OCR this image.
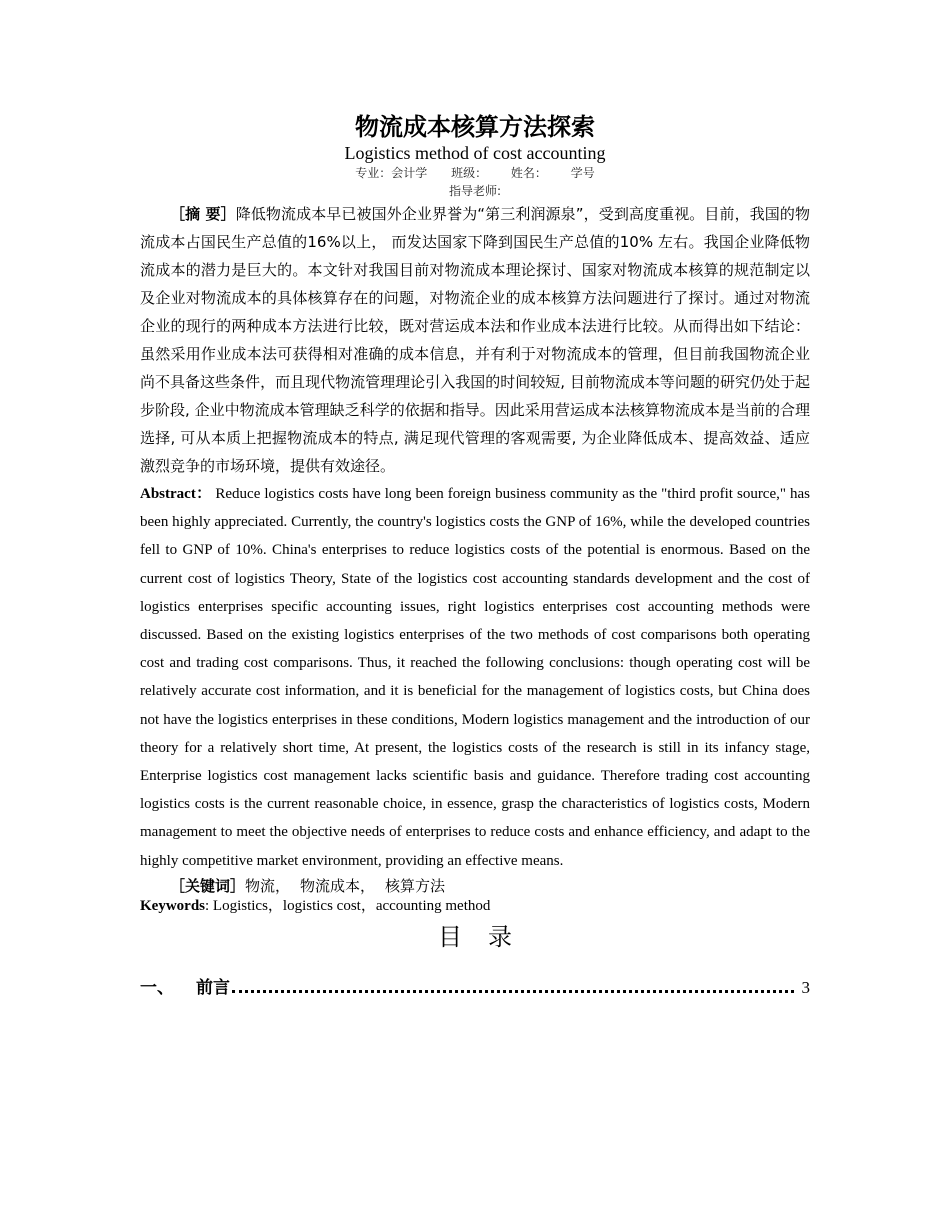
物流成本核算方法探索
Logistics method of cost accounting
专业：会计学 班级： 姓名： 学号
指导老师:
［摘 要］降低物流成本早已被国外企业界誉为“第三利润源泉”，受到高度重视。目前，我国的物流成本占国民生产总值的16%以上， 而发达国家下降到国民生产总值的10% 左右。我国企业降低物流成本的潜力是巨大的。本文针对我国目前对物流成本理论探讨、国家对物流成本核算的规范制定以及企业对物流成本的具体核算存在的问题，对物流企业的成本核算方法问题进行了探讨。通过对物流企业的现行的两种成本方法进行比较，既对营运成本法和作业成本法进行比较。从而得出如下结论：虽然采用作业成本法可获得相对准确的成本信息，并有利于对物流成本的管理，但目前我国物流企业尚不具备这些条件，而且现代物流管理理论引入我国的时间较短, 目前物流成本等问题的研究仍处于起步阶段, 企业中物流成本管理缺乏科学的依据和指导。因此采用营运成本法核算物流成本是当前的合理选择, 可从本质上把握物流成本的特点, 满足现代管理的客观需要, 为企业降低成本、提高效益、适应激烈竞争的市场环境，提供有效途径。
Abstract： Reduce logistics costs have long been foreign business community as the "third profit source," has been highly appreciated. Currently, the country's logistics costs the GNP of 16%, while the developed countries fell to GNP of 10%. China's enterprises to reduce logistics costs of the potential is enormous. Based on the current cost of logistics Theory, State of the logistics cost accounting standards development and the cost of logistics enterprises specific accounting issues, right logistics enterprises cost accounting methods were discussed. Based on the existing logistics enterprises of the two methods of cost comparisons both operating cost and trading cost comparisons. Thus, it reached the following conclusions: though operating cost will be relatively accurate cost information, and it is beneficial for the management of logistics costs, but China does not have the logistics enterprises in these conditions, Modern logistics management and the introduction of our theory for a relatively short time, At present, the logistics costs of the research is still in its infancy stage, Enterprise logistics cost management lacks scientific basis and guidance. Therefore trading cost accounting logistics costs is the current reasonable choice, in essence, grasp the characteristics of logistics costs, Modern management to meet the objective needs of enterprises to reduce costs and enhance efficiency, and adapt to the highly competitive market environment, providing an effective means.
［关键词］物流， 物流成本， 核算方法
Keywords: Logistics，logistics cost，accounting method
目录
一、	前言	3
